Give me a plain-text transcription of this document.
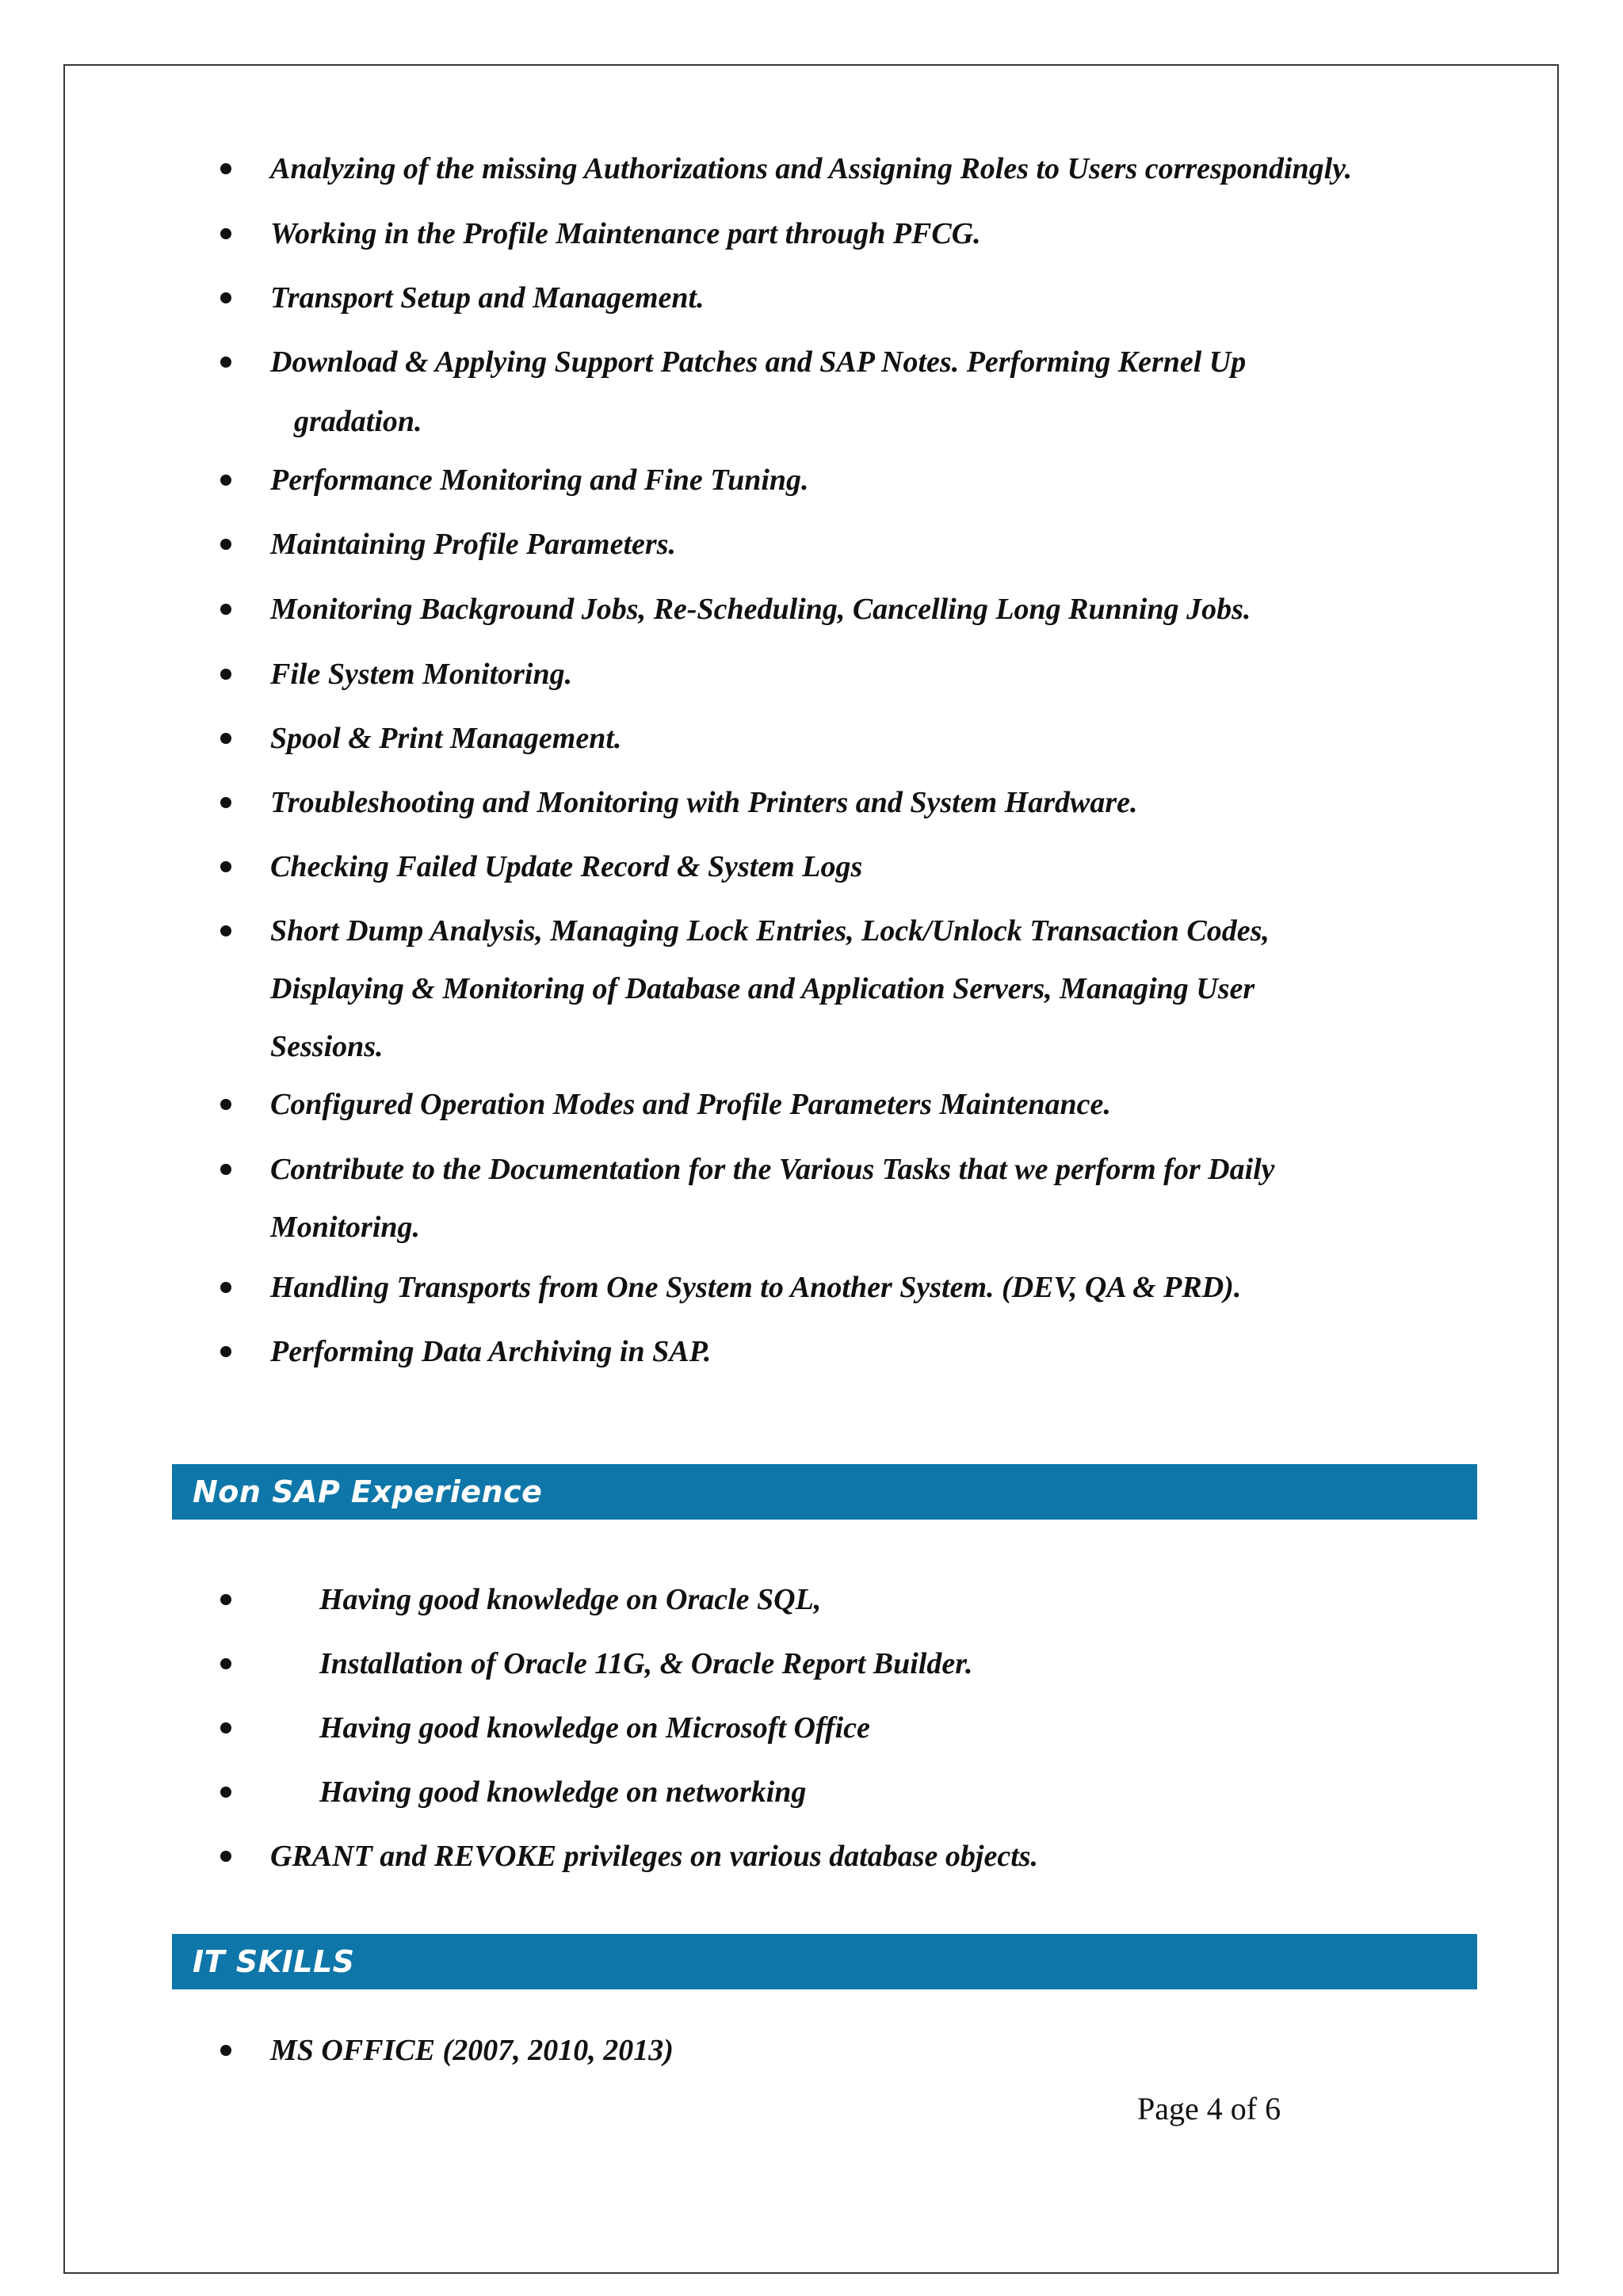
Analyzing of the missing Authorizations and Assigning Roles to Users correspondingly.
Working in the Profile Maintenance part through PFCG.
Transport Setup and Management.
Download & Applying Support Patches and SAP Notes. Performing Kernel Up
gradation.
Performance Monitoring and Fine Tuning.
Maintaining Profile Parameters.
Monitoring Background Jobs, Re-Scheduling, Cancelling Long Running Jobs.
File System Monitoring.
Spool & Print Management.
Troubleshooting and Monitoring with Printers and System Hardware.
Checking Failed Update Record & System Logs
Short Dump Analysis, Managing Lock Entries, Lock/Unlock Transaction Codes,
Displaying & Monitoring of Database and Application Servers, Managing User
Sessions.
Configured Operation Modes and Profile Parameters Maintenance.
Contribute to the Documentation for the Various Tasks that we perform for Daily
Monitoring.
Handling Transports from One System to Another System. (DEV, QA & PRD).
Performing Data Archiving in SAP.
Non SAP Experience
Having good knowledge on Oracle SQL,
Installation of Oracle 11G, & Oracle Report Builder.
Having good knowledge on Microsoft Office
Having good knowledge on networking
GRANT and REVOKE privileges on various database objects.
IT SKILLS
MS OFFICE (2007, 2010, 2013)
Page 4 of 6
